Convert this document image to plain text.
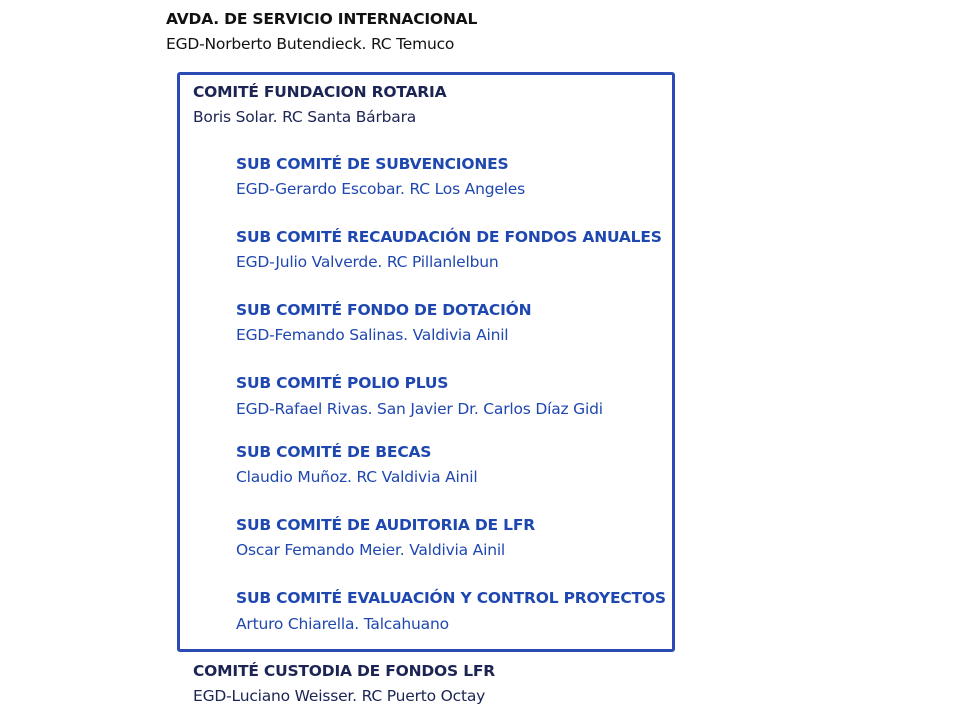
AVDA. DE SERVICIO INTERNACIONAL
EGD-Norberto Butendieck. RC Temuco
COMITÉ FUNDACION ROTARIA
Boris Solar. RC Santa Bárbara
SUB COMITÉ DE SUBVENCIONES
EGD-Gerardo Escobar. RC Los Angeles
SUB COMITÉ RECAUDACIÓN DE FONDOS ANUALES
EGD-Julio Valverde. RC Pillanlelbun
SUB COMITÉ FONDO DE DOTACIÓN
EGD-Femando Salinas. Valdivia Ainil
SUB COMITÉ POLIO PLUS
EGD-Rafael Rivas. San Javier Dr. Carlos Díaz Gidi
SUB COMITÉ DE BECAS
Claudio Muñoz. RC Valdivia Ainil
SUB COMITÉ DE AUDITORIA DE LFR
Oscar Femando Meier. Valdivia Ainil
SUB COMITÉ EVALUACIÓN Y CONTROL PROYECTOS
Arturo Chiarella. Talcahuano
COMITÉ CUSTODIA DE FONDOS LFR
EGD-Luciano Weisser. RC Puerto Octay
